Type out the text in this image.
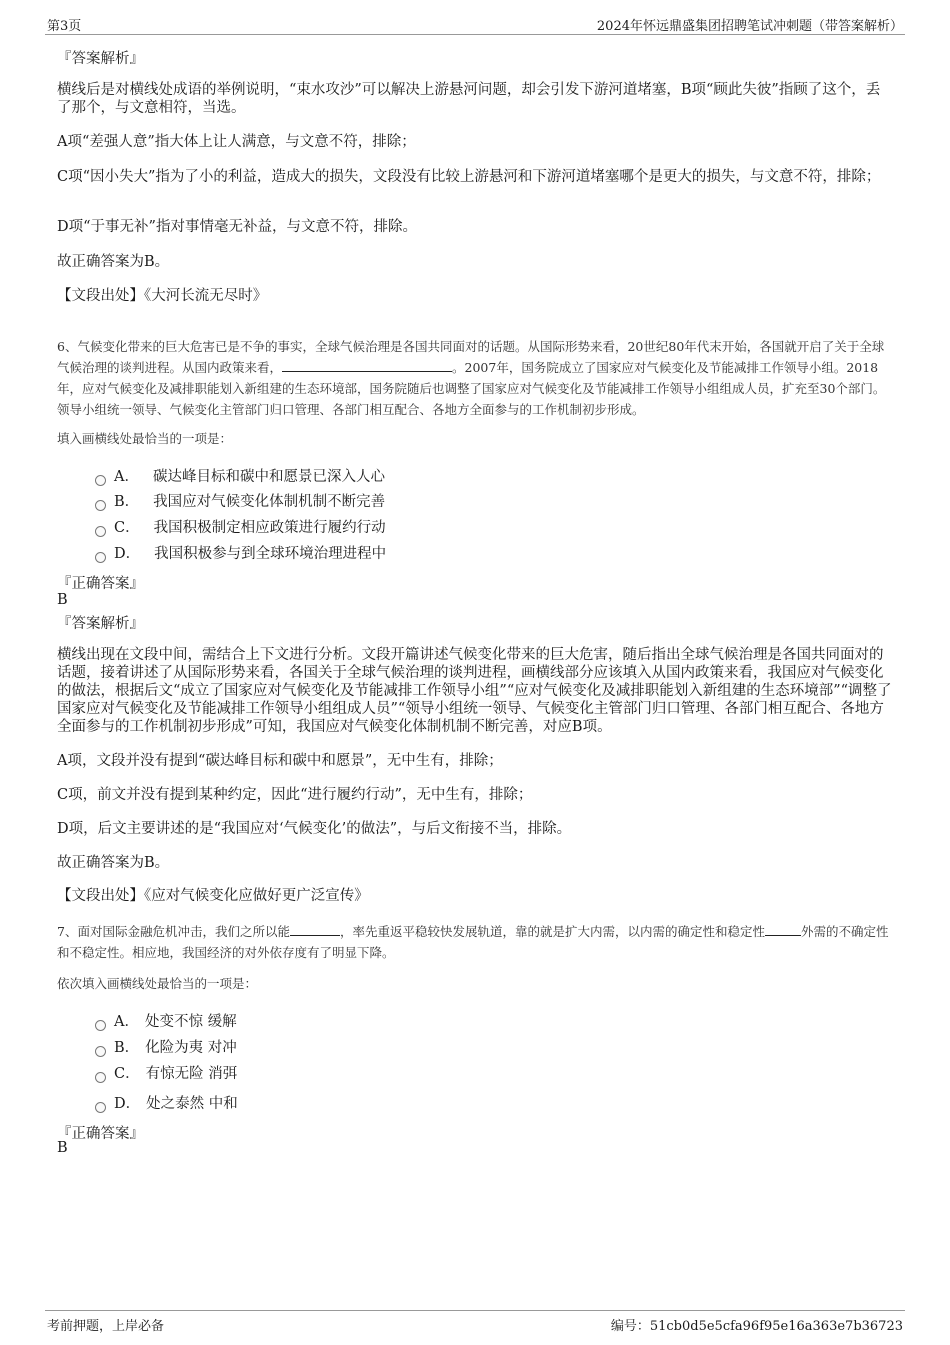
第3页	2024年怀远鼎盛集团招聘笔试冲刺题（带答案解析）
『答案解析』
横线后是对横线处成语的举例说明，“束水攻沙”可以解决上游悬河问题，却会引发下游河道堵塞，B项“顾此失彼”指顾了这个，丢了那个，与文意相符，当选。
A项“差强人意”指大体上让人满意，与文意不符，排除；
C项“因小失大”指为了小的利益，造成大的损失，文段没有比较上游悬河和下游河道堵塞哪个是更大的损失，与文意不符，排除；
D项“于事无补”指对事情毫无补益，与文意不符，排除。
故正确答案为B。
【文段出处】《大河长流无尽时》
6、气候变化带来的巨大危害已是不争的事实，全球气候治理是各国共同面对的话题。从国际形势来看，20世纪80年代末开始，各国就开启了关于全球气候治理的谈判进程。从国内政策来看，	。2007年，国务院成立了国家应对气候变化及节能减排工作领导小组。2018年，应对气候变化及减排职能划入新组建的生态环境部，国务院随后也调整了国家应对气候变化及节能减排工作领导小组组成人员，扩充至30个部门。领导小组统一领导、气候变化主管部门归口管理、各部门相互配合、各地方全面参与的工作机制初步形成。
填入画横线处最恰当的一项是：
A． 碳达峰目标和碳中和愿景已深入人心
B． 我国应对气候变化体制机制不断完善
C． 我国积极制定相应政策进行履约行动
D． 我国积极参与到全球环境治理进程中
『正确答案』
B
『答案解析』
横线出现在文段中间，需结合上下文进行分析。文段开篇讲述气候变化带来的巨大危害，随后指出全球气候治理是各国共同面对的话题，接着讲述了从国际形势来看，各国关于全球气候治理的谈判进程，画横线部分应该填入从国内政策来看，我国应对气候变化的做法，根据后文“成立了国家应对气候变化及节能减排工作领导小组”“应对气候变化及减排职能划入新组建的生态环境部”“调整了国家应对气候变化及节能减排工作领导小组组成人员”“领导小组统一领导、气候变化主管部门归口管理、各部门相互配合、各地方全面参与的工作机制初步形成”可知，我国应对气候变化体制机制不断完善，对应B项。
A项，文段并没有提到“碳达峰目标和碳中和愿景”，无中生有，排除；
C项，前文并没有提到某种约定，因此“进行履约行动”，无中生有，排除；
D项，后文主要讲述的是“我国应对‘气候变化’的做法”，与后文衔接不当，排除。
故正确答案为B。
【文段出处】《应对气候变化应做好更广泛宣传》
7、面对国际金融危机冲击，我们之所以能	，率先重返平稳较快发展轨道，靠的就是扩大内需，以内需的确定性和稳定性	外需的不确定性和不稳定性。相应地，我国经济的对外依存度有了明显下降。
依次填入画横线处最恰当的一项是：
A． 处变不惊 缓解
B． 化险为夷 对冲
C． 有惊无险 消弭
D． 处之泰然 中和
『正确答案』
B
考前押题，上岸必备	编号：51cb0d5e5cfa96f95e16a363e7b36723
